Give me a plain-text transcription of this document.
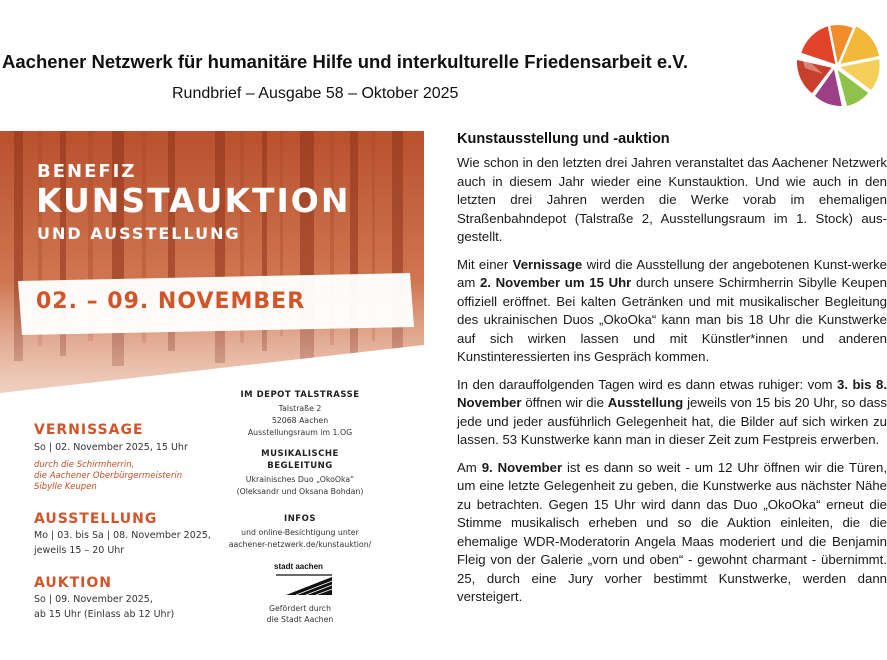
Aachener Netzwerk für humanitäre Hilfe und interkulturelle Friedensarbeit e.V.
Rundbrief – Ausgabe 58 – Oktober 2025
BENEFIZ
KUNSTAUKTION
UND AUSSTELLUNG
02. – 09. NOVEMBER
VERNISSAGE
So | 02. November 2025, 15 Uhr
durch die Schirmherrin,
die Aachener Oberbürgermeisterin
Sibylle Keupen
AUSSTELLUNG
Mo | 03. bis Sa | 08. November 2025,
jeweils 15 – 20 Uhr
AUKTION
So | 09. November 2025,
ab 15 Uhr (Einlass ab 12 Uhr)
IM DEPOT TALSTRASSE
Talstraße 2
52068 Aachen
Ausstellungsraum im 1.OG
MUSIKALISCHE
BEGLEITUNG
Ukrainisches Duo „OkoOka“
(Oleksandr und Oksana Bohdan)
INFOS
und online-Besichtigung unter
aachener-netzwerk.de/kunstauktion/
stadt aachen
Gefördert durch
die Stadt Aachen
Kunstausstellung und -auktion

Wie schon in den letzten drei Jahren veranstaltet das Aachener Netzwerk auch in diesem Jahr wieder eine Kunstauktion. Und wie auch in den letzten drei Jahren werden die Werke vorab im ehemaligen Straßenbahndepot (Talstraße 2, Ausstellungsraum im 1. Stock) aus-gestellt.

Mit einer Vernissage wird die Ausstellung der angebotenen Kunst-werke am 2. November um 15 Uhr durch unsere Schirmherrin Sibylle Keupen offiziell eröffnet. Bei kalten Getränken und mit musikalischer Begleitung des ukrainischen Duos „OkoOka“ kann man bis 18 Uhr die Kunstwerke auf sich wirken lassen und mit Künstler*innen und anderen Kunstinteressierten ins Gespräch kommen.

In den darauffolgenden Tagen wird es dann etwas ruhiger: vom 3. bis 8. November öffnen wir die Ausstellung jeweils von 15 bis 20 Uhr, so dass jede und jeder ausführlich Gelegenheit hat, die Bilder auf sich wirken zu lassen. 53 Kunstwerke kann man in dieser Zeit zum Festpreis erwerben.

Am 9. November ist es dann so weit - um 12 Uhr öffnen wir die Türen, um eine letzte Gelegenheit zu geben, die Kunstwerke aus nächster Nähe zu betrachten. Gegen 15 Uhr wird dann das Duo „OkoOka“ erneut die Stimme musikalisch erheben und so die Auktion einleiten, die die ehemalige WDR-Moderatorin Angela Maas moderiert und die Benjamin Fleig von der Galerie „vorn und oben“ - gewohnt charmant - übernimmt. 25, durch eine Jury vorher bestimmt Kunstwerke, werden dann versteigert.
